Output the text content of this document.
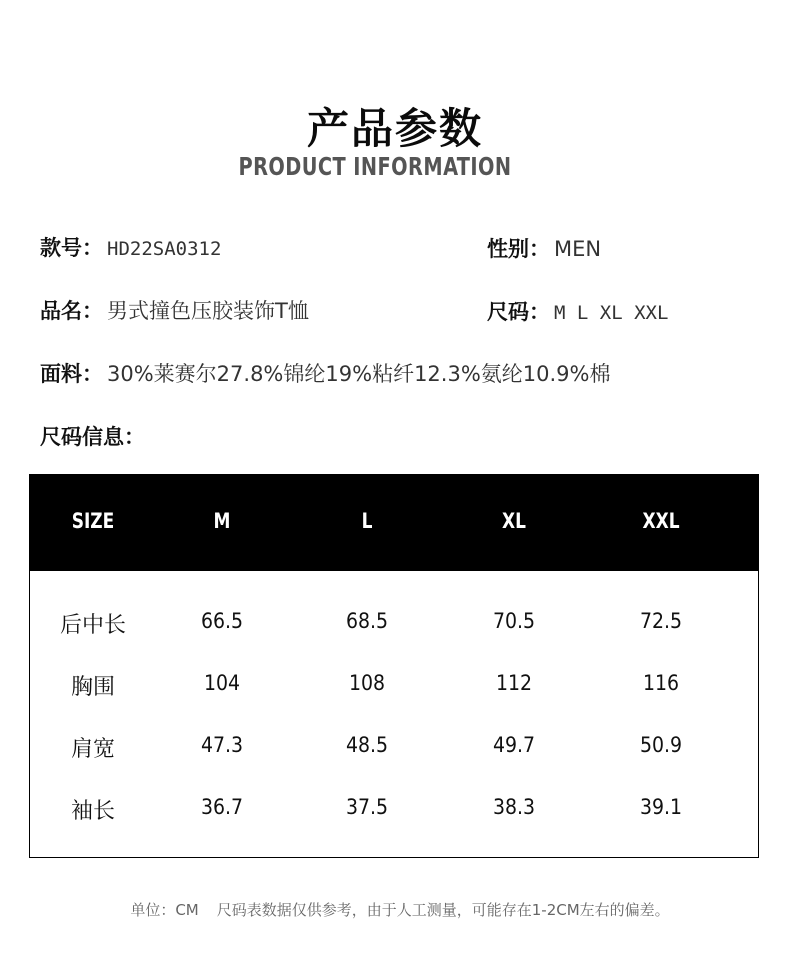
产品参数
PRODUCT INFORMATION
款号： HD22SA0312	性别： MEN
品名： 男式撞色压胶装饰T恤	尺码： M L XL XXL
面料： 30%莱赛尔27.8%锦纶19%粘纤12.3%氨纶10.9%棉
尺码信息：
SIZE	M	L	XL	XXL
后中长	66.5	68.5	70.5	72.5
胸围	104	108	112	116
肩宽	47.3	48.5	49.7	50.9
袖长	36.7	37.5	38.3	39.1
单位：CM 尺码表数据仅供参考，由于人工测量，可能存在1-2CM左右的偏差。
